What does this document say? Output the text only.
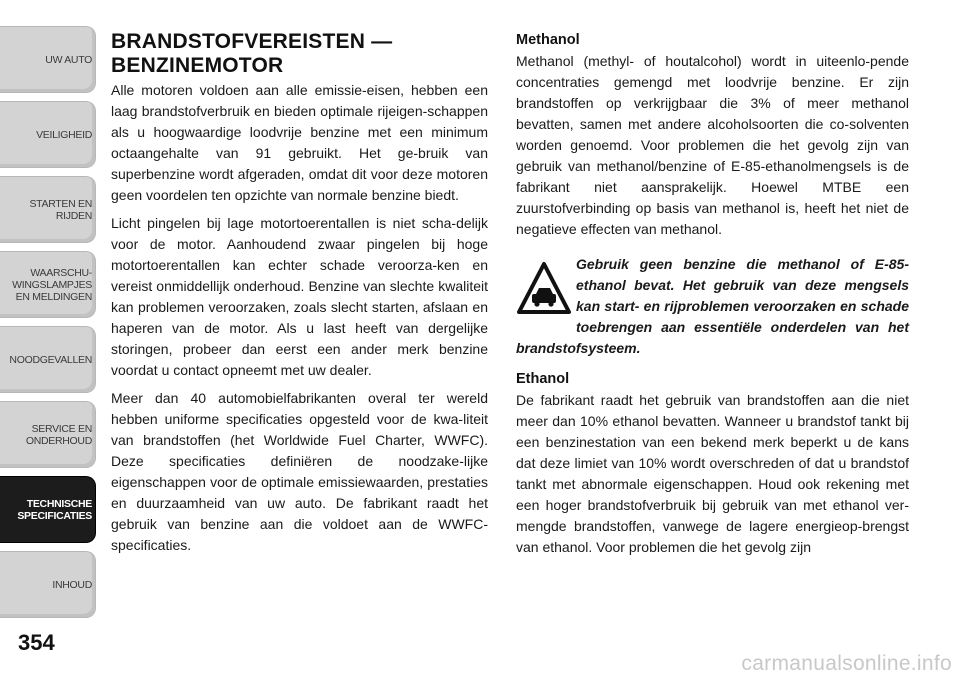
UW AUTO
VEILIGHEID
STARTEN EN
RIJDEN
WAARSCHU-
WINGSLAMPJES
EN MELDINGEN
NOODGEVALLEN
SERVICE EN
ONDERHOUD
TECHNISCHE
SPECIFICATIES
INHOUD
354
BRANDSTOFVEREISTEN — BENZINEMOTOR

Alle motoren voldoen aan alle emissie-eisen, hebben een laag brandstofverbruik en bieden optimale rijeigen-schappen als u hoogwaardige loodvrije benzine met een minimum octaangehalte van 91 gebruikt. Het ge-bruik van superbenzine wordt afgeraden, omdat dit voor deze motoren geen voordelen ten opzichte van normale benzine biedt.

Licht pingelen bij lage motortoerentallen is niet scha-delijk voor de motor. Aanhoudend zwaar pingelen bij hoge motortoerentallen kan echter schade veroorza-ken en vereist onmiddellijk onderhoud. Benzine van slechte kwaliteit kan problemen veroorzaken, zoals slecht starten, afslaan en haperen van de motor. Als u last heeft van dergelijke storingen, probeer dan eerst een ander merk benzine voordat u contact opneemt met uw dealer.

Meer dan 40 automobielfabrikanten overal ter wereld hebben uniforme specificaties opgesteld voor de kwa-liteit van brandstoffen (het Worldwide Fuel Charter, WWFC). Deze specificaties definiëren de noodzake-lijke eigenschappen voor de optimale emissiewaarden, prestaties en duurzaamheid van uw auto. De fabrikant raadt het gebruik van benzine aan die voldoet aan de WWFC-specificaties.

Methanol

Methanol (methyl- of houtalcohol) wordt in uiteenlo-pende concentraties gemengd met loodvrije benzine. Er zijn brandstoffen op verkrijgbaar die 3% of meer methanol bevatten, samen met andere alcoholsoorten die co-solventen worden genoemd. Voor problemen die het gevolg zijn van gebruik van methanol/benzine of E-85-ethanolmengsels is de fabrikant niet aansprakelijk. Hoewel MTBE een zuurstofverbinding op basis van methanol is, heeft het niet de negatieve effecten van methanol.

Gebruik geen benzine die methanol of E-85-ethanol bevat. Het gebruik van deze mengsels kan start- en rijproblemen veroorzaken en schade toebrengen aan essentiële onderdelen van het brandstofsysteem.
Ethanol

De fabrikant raadt het gebruik van brandstoffen aan die niet meer dan 10% ethanol bevatten. Wanneer u brandstof tankt bij een benzinestation van een bekend merk beperkt u de kans dat deze limiet van 10% wordt overschreden of dat u brandstof tankt met abnormale eigenschappen. Houd ook rekening met een hoger brandstofverbruik bij gebruik van met ethanol ver-mengde brandstoffen, vanwege de lagere energieop-brengst van ethanol. Voor problemen die het gevolg zijn

carmanualsonline.info
